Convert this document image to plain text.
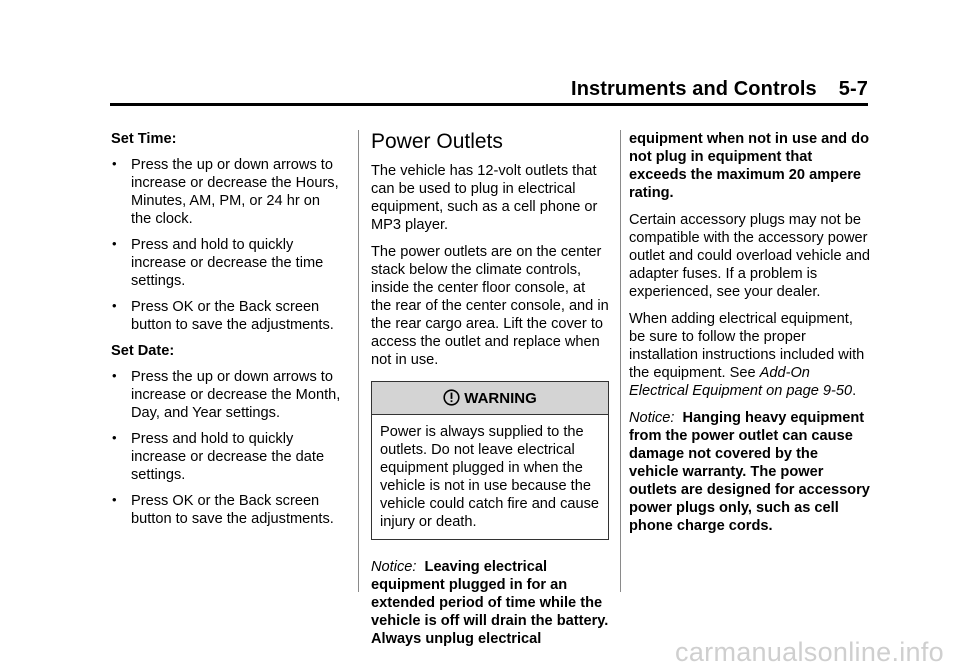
Instruments and Controls 5-7
Set Time:
• Press the up or down arrows to increase or decrease the Hours, Minutes, AM, PM, or 24 hr on the clock.
• Press and hold to quickly increase or decrease the time settings.
• Press OK or the Back screen button to save the adjustments.
Set Date:
• Press the up or down arrows to increase or decrease the Month, Day, and Year settings.
• Press and hold to quickly increase or decrease the date settings.
• Press OK or the Back screen button to save the adjustments.
Power Outlets

The vehicle has 12-volt outlets that can be used to plug in electrical equipment, such as a cell phone or MP3 player.

The power outlets are on the center stack below the climate controls, inside the center floor console, at the rear of the center console, and in the rear cargo area. Lift the cover to access the outlet and replace when not in use.

WARNING
Power is always supplied to the outlets. Do not leave electrical equipment plugged in when the vehicle is not in use because the vehicle could catch fire and cause injury or death.

Notice: Leaving electrical equipment plugged in for an extended period of time while the vehicle is off will drain the battery. Always unplug electrical

equipment when not in use and do not plug in equipment that exceeds the maximum 20 ampere rating.

Certain accessory plugs may not be compatible with the accessory power outlet and could overload vehicle and adapter fuses. If a problem is experienced, see your dealer.

When adding electrical equipment, be sure to follow the proper installation instructions included with the equipment. See Add-On Electrical Equipment on page 9-50.

Notice: Hanging heavy equipment from the power outlet can cause damage not covered by the vehicle warranty. The power outlets are designed for accessory power plugs only, such as cell phone charge cords.

carmanualsonline.info
